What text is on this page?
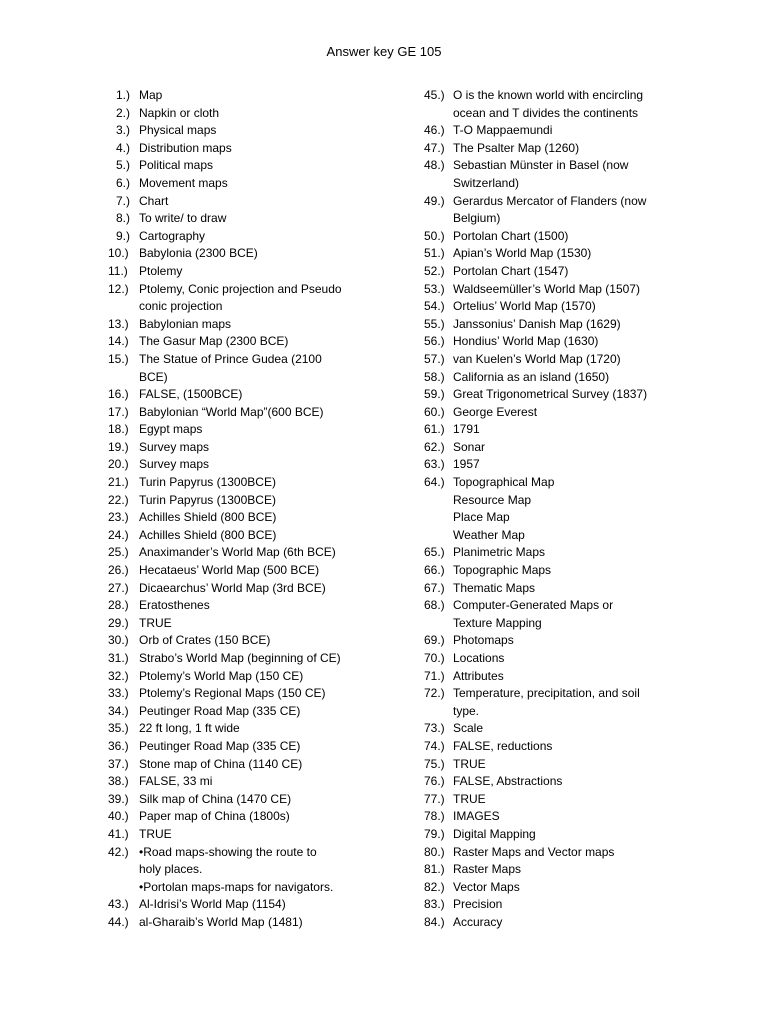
Answer key GE 105
1.) Map
2.) Napkin or cloth
3.) Physical maps
4.) Distribution maps
5.) Political maps
6.) Movement maps
7.) Chart
8.) To write/ to draw
9.) Cartography
10.) Babylonia (2300 BCE)
11.) Ptolemy
12.) Ptolemy, Conic projection and Pseudo
conic projection
13.) Babylonian maps
14.) The Gasur Map (2300 BCE)
15.) The Statue of Prince Gudea (2100
BCE)
16.) FALSE, (1500BCE)
17.) Babylonian “World Map”(600 BCE)
18.) Egypt maps
19.) Survey maps
20.) Survey maps
21.) Turin Papyrus (1300BCE)
22.) Turin Papyrus (1300BCE)
23.) Achilles Shield (800 BCE)
24.) Achilles Shield (800 BCE)
25.) Anaximander’s World Map (6th BCE)
26.) Hecataeus’ World Map (500 BCE)
27.) Dicaearchus’ World Map (3rd BCE)
28.) Eratosthenes
29.) TRUE
30.) Orb of Crates (150 BCE)
31.) Strabo’s World Map (beginning of CE)
32.) Ptolemy’s World Map (150 CE)
33.) Ptolemy’s Regional Maps (150 CE)
34.) Peutinger Road Map (335 CE)
35.) 22 ft long, 1 ft wide
36.) Peutinger Road Map (335 CE)
37.) Stone map of China (1140 CE)
38.) FALSE, 33 mi
39.) Silk map of China (1470 CE)
40.) Paper map of China (1800s)
41.) TRUE
42.) •Road maps-showing the route to
holy places.
•Portolan maps-maps for navigators.
43.) Al-Idrisi’s World Map (1154)
44.) al-Gharaib’s World Map (1481)
45.) O is the known world with encircling
ocean and T divides the continents
46.) T-O Mappaemundi
47.) The Psalter Map (1260)
48.) Sebastian Münster in Basel (now
Switzerland)
49.) Gerardus Mercator of Flanders (now
Belgium)
50.) Portolan Chart (1500)
51.) Apian’s World Map (1530)
52.) Portolan Chart (1547)
53.) Waldseemüller’s World Map (1507)
54.) Ortelius’ World Map (1570)
55.) Janssonius’ Danish Map (1629)
56.) Hondius’ World Map (1630)
57.) van Kuelen’s World Map (1720)
58.) California as an island (1650)
59.) Great Trigonometrical Survey (1837)
60.) George Everest
61.) 1791
62.) Sonar
63.) 1957
64.) Topographical Map
Resource Map
Place Map
Weather Map
65.) Planimetric Maps
66.) Topographic Maps
67.) Thematic Maps
68.) Computer-Generated Maps or
Texture Mapping
69.) Photomaps
70.) Locations
71.) Attributes
72.) Temperature, precipitation, and soil
type.
73.) Scale
74.) FALSE, reductions
75.) TRUE
76.) FALSE, Abstractions
77.) TRUE
78.) IMAGES
79.) Digital Mapping
80.) Raster Maps and Vector maps
81.) Raster Maps
82.) Vector Maps
83.) Precision
84.) Accuracy
